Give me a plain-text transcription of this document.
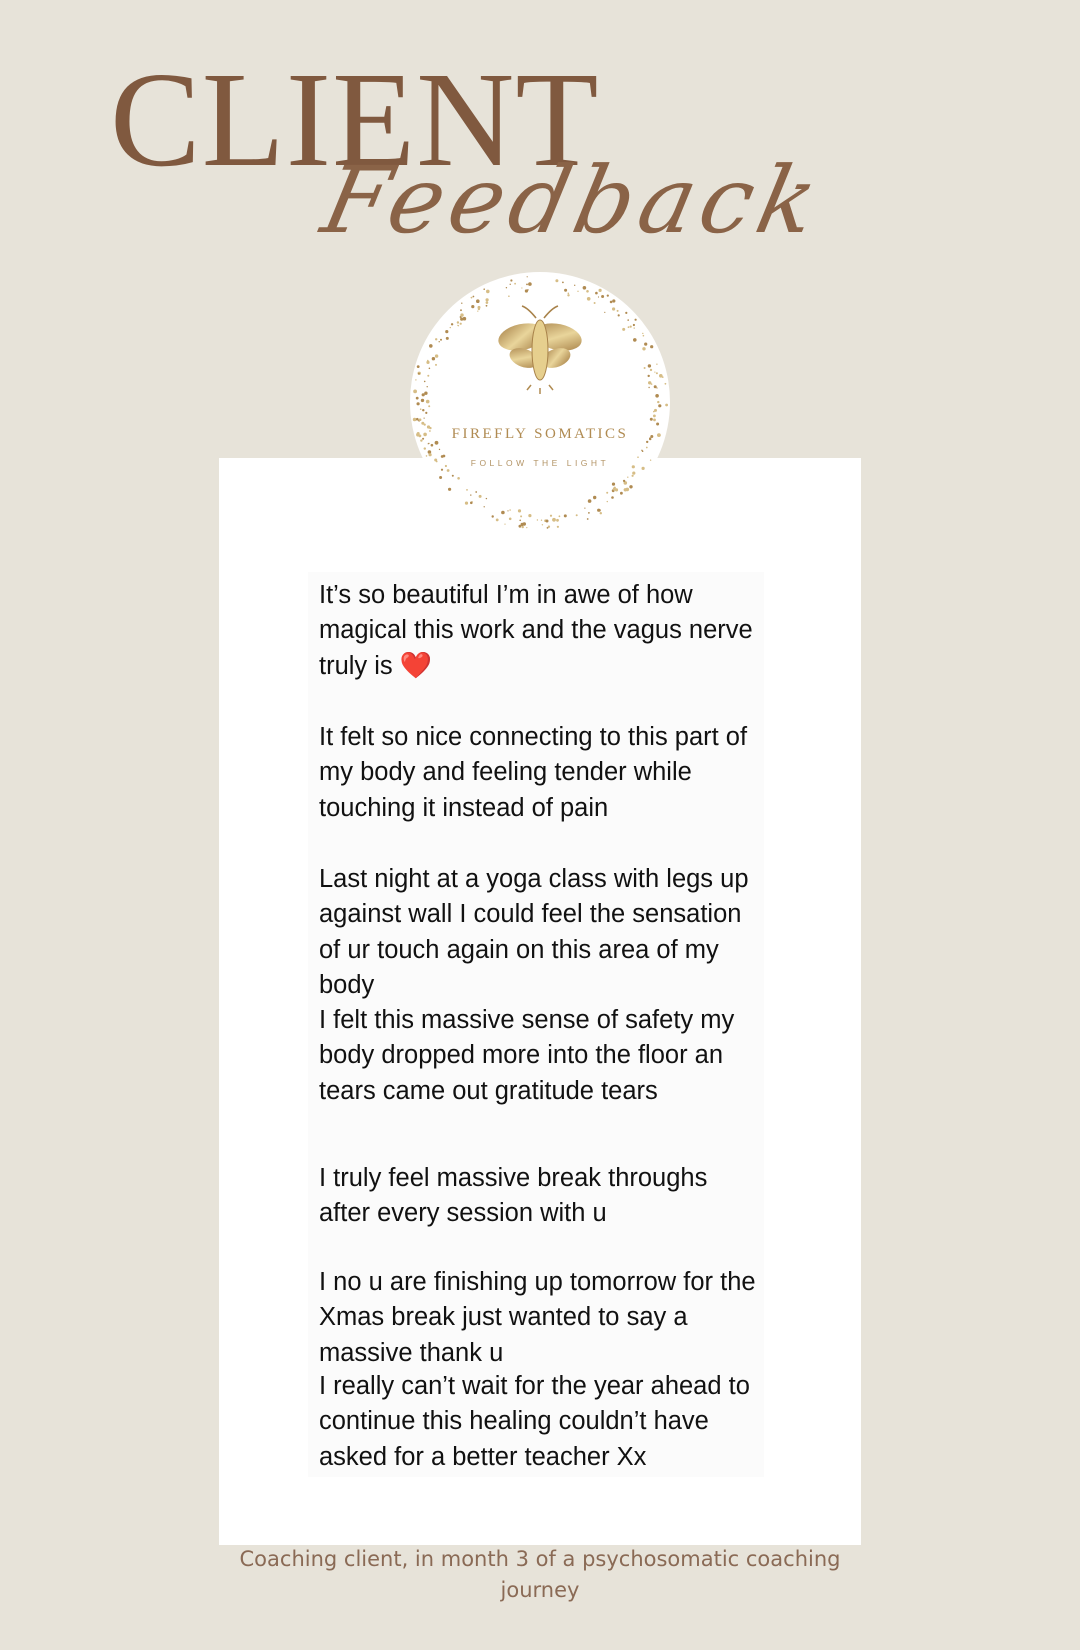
CLIENT
Feedback

It’s so beautiful I’m in awe of how magical this work and the vagus nerve truly is ❤️

It felt so nice connecting to this part of my body and feeling tender while touching it instead of pain

Last night at a yoga class with legs up against wall I could feel the sensation of ur touch again on this area of my body

I felt this massive sense of safety my body dropped more into the floor an tears came out gratitude tears

I truly feel massive break throughs after every session with u

I no u are finishing up tomorrow for the Xmas break just wanted to say a massive thank u

I really can’t wait for the year ahead to continue this healing couldn’t have asked for a better teacher Xx

FIREFLY SOMATICS
FOLLOW THE LIGHT

Coaching client, in month 3 of a psychosomatic coaching journey
